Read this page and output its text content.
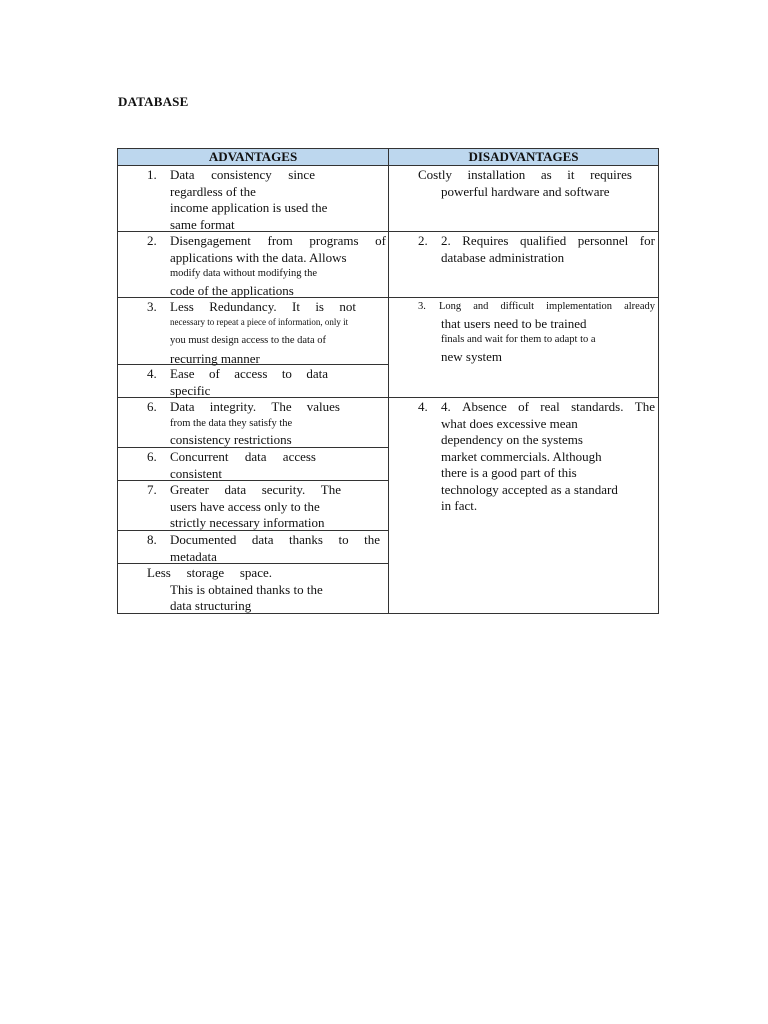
DATABASE
ADVANTAGES	DISADVANTAGES
1. Data consistency since
regardless of the
income application is used the
same format
2. Disengagement from programs of
applications with the data. Allows
modify data without modifying the
code of the applications
3. Less Redundancy. It is not
necessary to repeat a piece of information, only it
you must design access to the data of
recurring manner
4. Ease of access to data
specific
6. Data integrity. The values
from the data they satisfy the
consistency restrictions
6. Concurrent data access
consistent
7. Greater data security. The
users have access only to the
strictly necessary information
8. Documented data thanks to the
metadata
Less storage space.
This is obtained thanks to the
data structuring
Costly installation as it requires
powerful hardware and software
2. 2. Requires qualified personnel for
database administration
3. Long and difficult implementation already
that users need to be trained
finals and wait for them to adapt to a
new system
4. 4. Absence of real standards. The
what does excessive mean
dependency on the systems
market commercials. Although
there is a good part of this
technology accepted as a standard
in fact.
